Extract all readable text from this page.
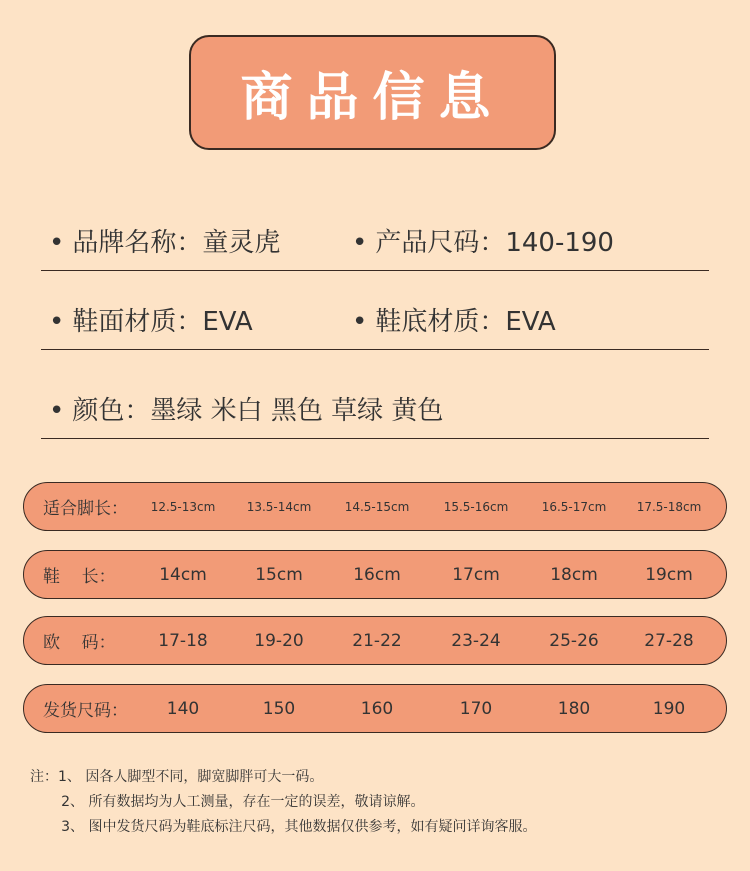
商品信息
• 品牌名称：童灵虎	• 产品尺码：140-190
• 鞋面材质：EVA	• 鞋底材质：EVA
• 颜色：墨绿 米白 黑色 草绿 黄色
适合脚长：	12.5-13cm	13.5-14cm	14.5-15cm	15.5-16cm	16.5-17cm	17.5-18cm
鞋    长：	14cm	15cm	16cm	17cm	18cm	19cm
欧    码：	17-18	19-20	21-22	23-24	25-26	27-28
发货尺码：	140	150	160	170	180	190
注：1、 因各人脚型不同，脚宽脚胖可大一码。
2、 所有数据均为人工测量，存在一定的误差，敬请谅解。
3、 图中发货尺码为鞋底标注尺码，其他数据仅供参考，如有疑问详询客服。
